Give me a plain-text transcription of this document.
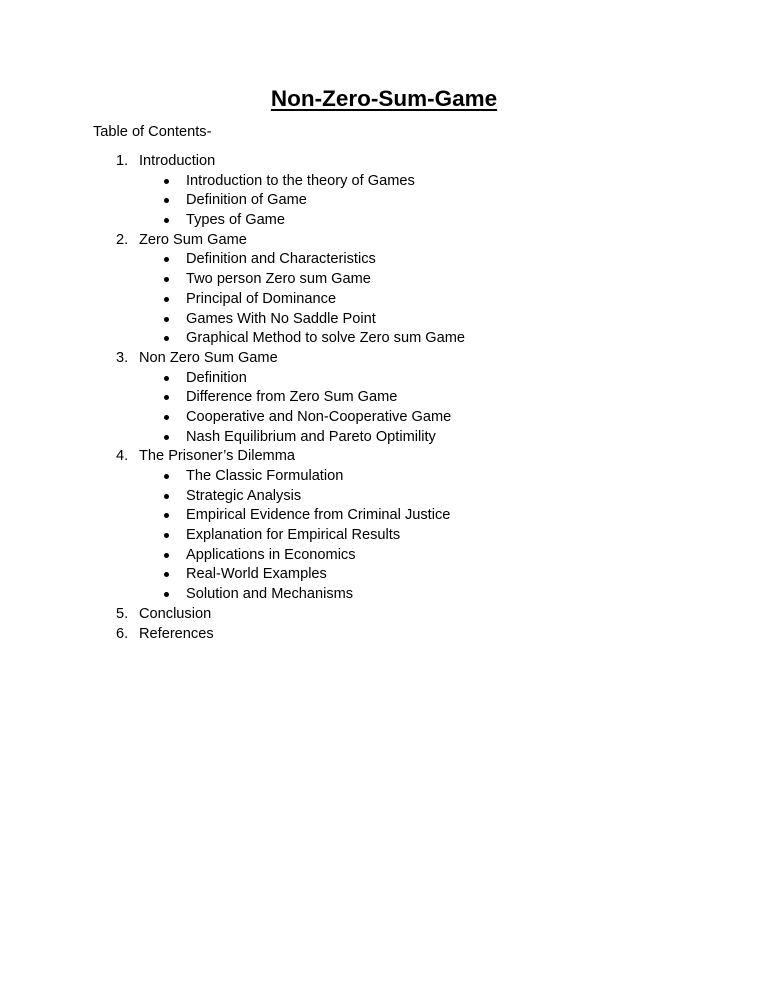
Non-Zero-Sum-Game

Table of Contents-

1. Introduction
Introduction to the theory of Games
Definition of Game
Types of Game
2. Zero Sum Game
Definition and Characteristics
Two person Zero sum Game
Principal of Dominance
Games With No Saddle Point
Graphical Method to solve Zero sum Game
3. Non Zero Sum Game
Definition
Difference from Zero Sum Game
Cooperative and Non-Cooperative Game
Nash Equilibrium and Pareto Optimility
4. The Prisoner’s Dilemma
The Classic Formulation
Strategic Analysis
Empirical Evidence from Criminal Justice
Explanation for Empirical Results
Applications in Economics
Real-World Examples
Solution and Mechanisms
5. Conclusion
6. References
